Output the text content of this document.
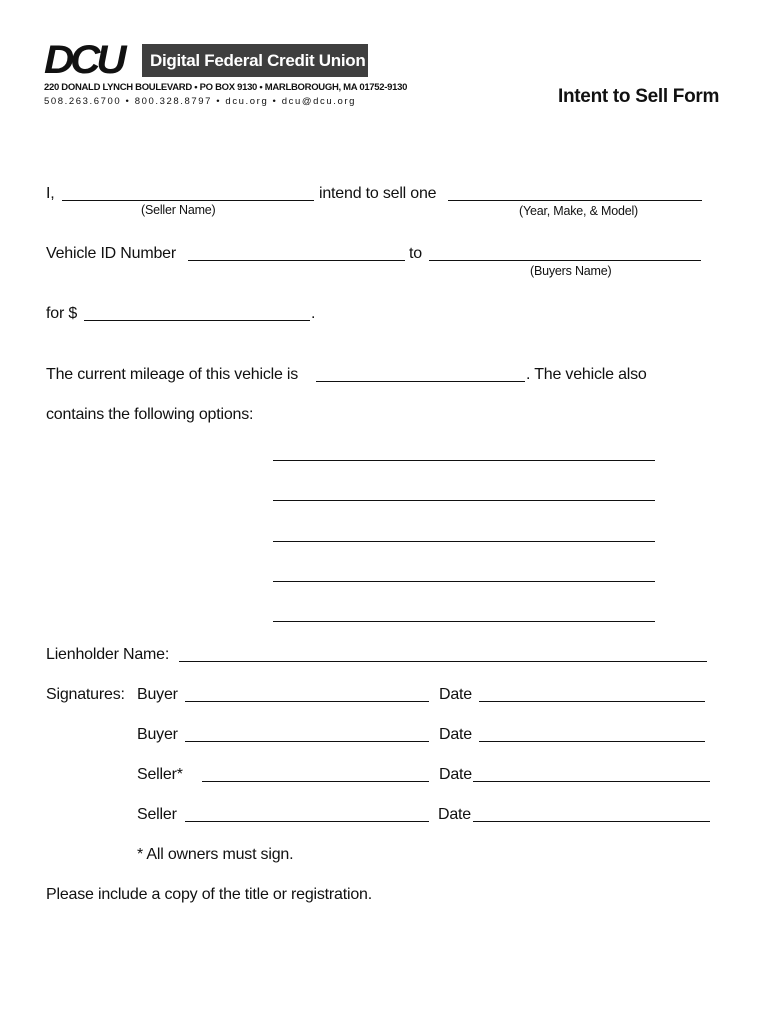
DCU	Digital Federal Credit Union
220 DONALD LYNCH BOULEVARD • PO BOX 9130 • MARLBOROUGH, MA 01752-9130
508.263.6700 • 800.328.8797 • dcu.org • dcu@dcu.org	Intent to Sell Form
I,	intend to sell one
(Seller Name)	(Year, Make, & Model)
Vehicle ID Number	to
(Buyers Name)
for $	.
The current mileage of this vehicle is	. The vehicle also
contains the following options:
Lienholder Name:
Signatures: Buyer	Date
Buyer	Date
Seller*	Date
Seller	Date
* All owners must sign.
Please include a copy of the title or registration.
